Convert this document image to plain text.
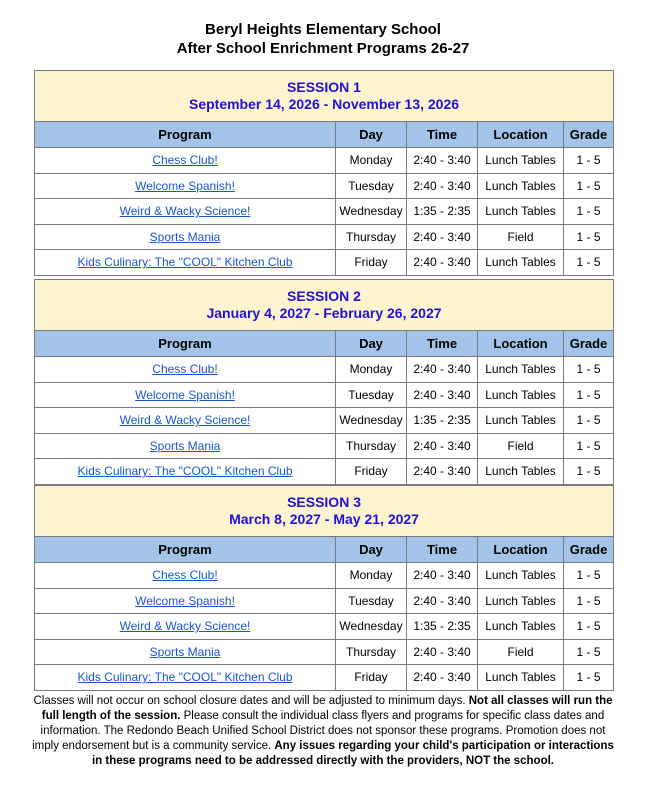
Beryl Heights Elementary School
After School Enrichment Programs 26-27
SESSION 1
September 14, 2026 - November 13, 2026				

Program	Day	Time	Location	Grade
Chess Club!	Monday	2:40 - 3:40	Lunch Tables	1 - 5
Welcome Spanish!	Tuesday	2:40 - 3:40	Lunch Tables	1 - 5
Weird & Wacky Science!	Wednesday	1:35 - 2:35	Lunch Tables	1 - 5
Sports Mania	Thursday	2:40 - 3:40	Field	1 - 5
Kids Culinary: The "COOL" Kitchen Club	Friday	2:40 - 3:40	Lunch Tables	1 - 5
SESSION 2
January 4, 2027 - February 26, 2027				

Program	Day	Time	Location	Grade
Chess Club!	Monday	2:40 - 3:40	Lunch Tables	1 - 5
Welcome Spanish!	Tuesday	2:40 - 3:40	Lunch Tables	1 - 5
Weird & Wacky Science!	Wednesday	1:35 - 2:35	Lunch Tables	1 - 5
Sports Mania	Thursday	2:40 - 3:40	Field	1 - 5
Kids Culinary: The "COOL" Kitchen Club	Friday	2:40 - 3:40	Lunch Tables	1 - 5
SESSION 3
March 8, 2027 - May 21, 2027				

Program	Day	Time	Location	Grade
Chess Club!	Monday	2:40 - 3:40	Lunch Tables	1 - 5
Welcome Spanish!	Tuesday	2:40 - 3:40	Lunch Tables	1 - 5
Weird & Wacky Science!	Wednesday	1:35 - 2:35	Lunch Tables	1 - 5
Sports Mania	Thursday	2:40 - 3:40	Field	1 - 5
Kids Culinary: The "COOL" Kitchen Club	Friday	2:40 - 3:40	Lunch Tables	1 - 5
Classes will not occur on school closure dates and will be adjusted to minimum days. Not all classes will run the full length of the session. Please consult the individual class flyers and programs for specific class dates and information. The Redondo Beach Unified School District does not sponsor these programs. Promotion does not imply endorsement but is a community service. Any issues regarding your child's participation or interactions in these programs need to be addressed directly with the providers, NOT the school.
